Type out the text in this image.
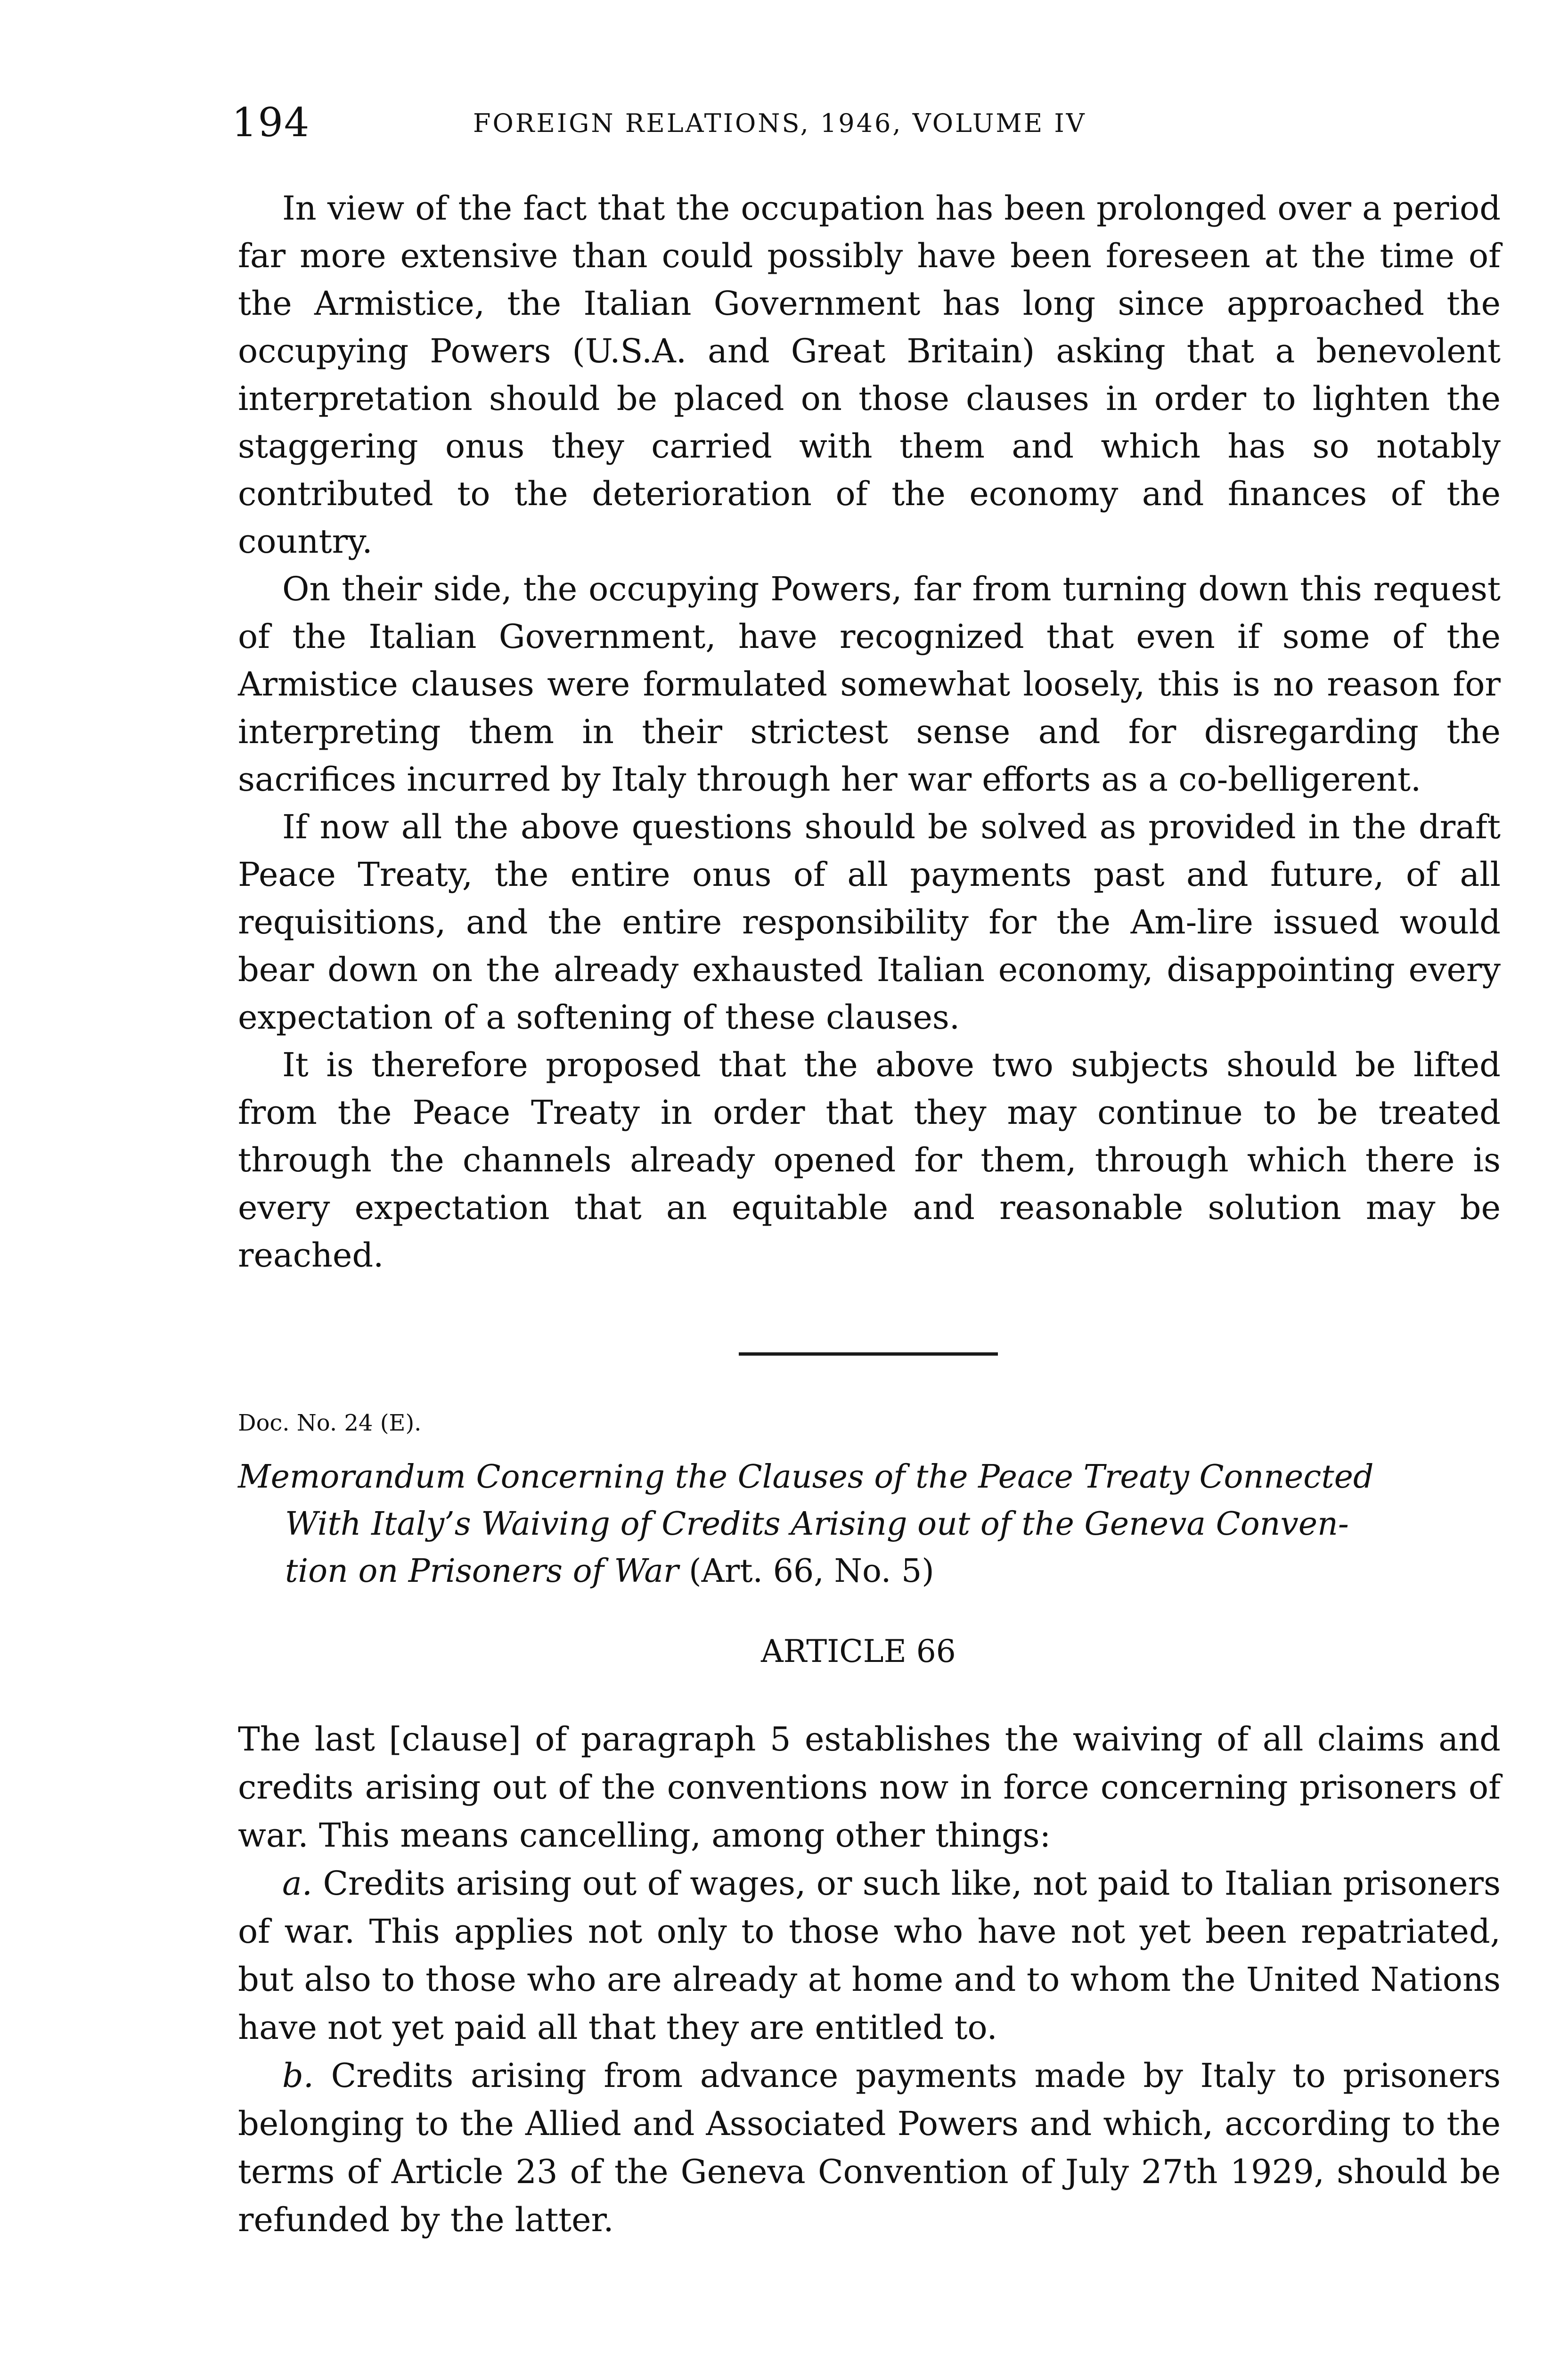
194	FOREIGN RELATIONS, 1946, VOLUME IV

In view of the fact that the occupation has been prolonged over a period far more extensive than could possibly have been foreseen at the time of the Armistice, the Italian Government has long since approached the occupying Powers (U.S.A. and Great Britain) asking that a benevolent interpretation should be placed on those clauses in order to lighten the staggering onus they carried with them and which has so notably contributed to the deterioration of the economy and finances of the country.

On their side, the occupying Powers, far from turning down this request of the Italian Government, have recognized that even if some of the Armistice clauses were formulated somewhat loosely, this is no reason for interpreting them in their strictest sense and for disregarding the sacrifices incurred by Italy through her war efforts as a co-belligerent.

If now all the above questions should be solved as provided in the draft Peace Treaty, the entire onus of all payments past and future, of all requisitions, and the entire responsibility for the Am-lire issued would bear down on the already exhausted Italian economy, disappointing every expectation of a softening of these clauses.

It is therefore proposed that the above two subjects should be lifted from the Peace Treaty in order that they may continue to be treated through the channels already opened for them, through which there is every expectation that an equitable and reasonable solution may be reached.

Doc. No. 24 (E).
Memorandum Concerning the Clauses of the Peace Treaty Connected
With Italy’s Waiving of Credits Arising out of the Geneva Conven-
tion on Prisoners of War (Art. 66, No. 5)
ARTICLE 66

The last [clause] of paragraph 5 establishes the waiving of all claims and credits arising out of the conventions now in force concerning prisoners of war. This means cancelling, among other things:

a. Credits arising out of wages, or such like, not paid to Italian prisoners of war. This applies not only to those who have not yet been repatriated, but also to those who are already at home and to whom the United Nations have not yet paid all that they are entitled to.

b. Credits arising from advance payments made by Italy to prisoners belonging to the Allied and Associated Powers and which, according to the terms of Article 23 of the Geneva Convention of July 27th 1929, should be refunded by the latter.
